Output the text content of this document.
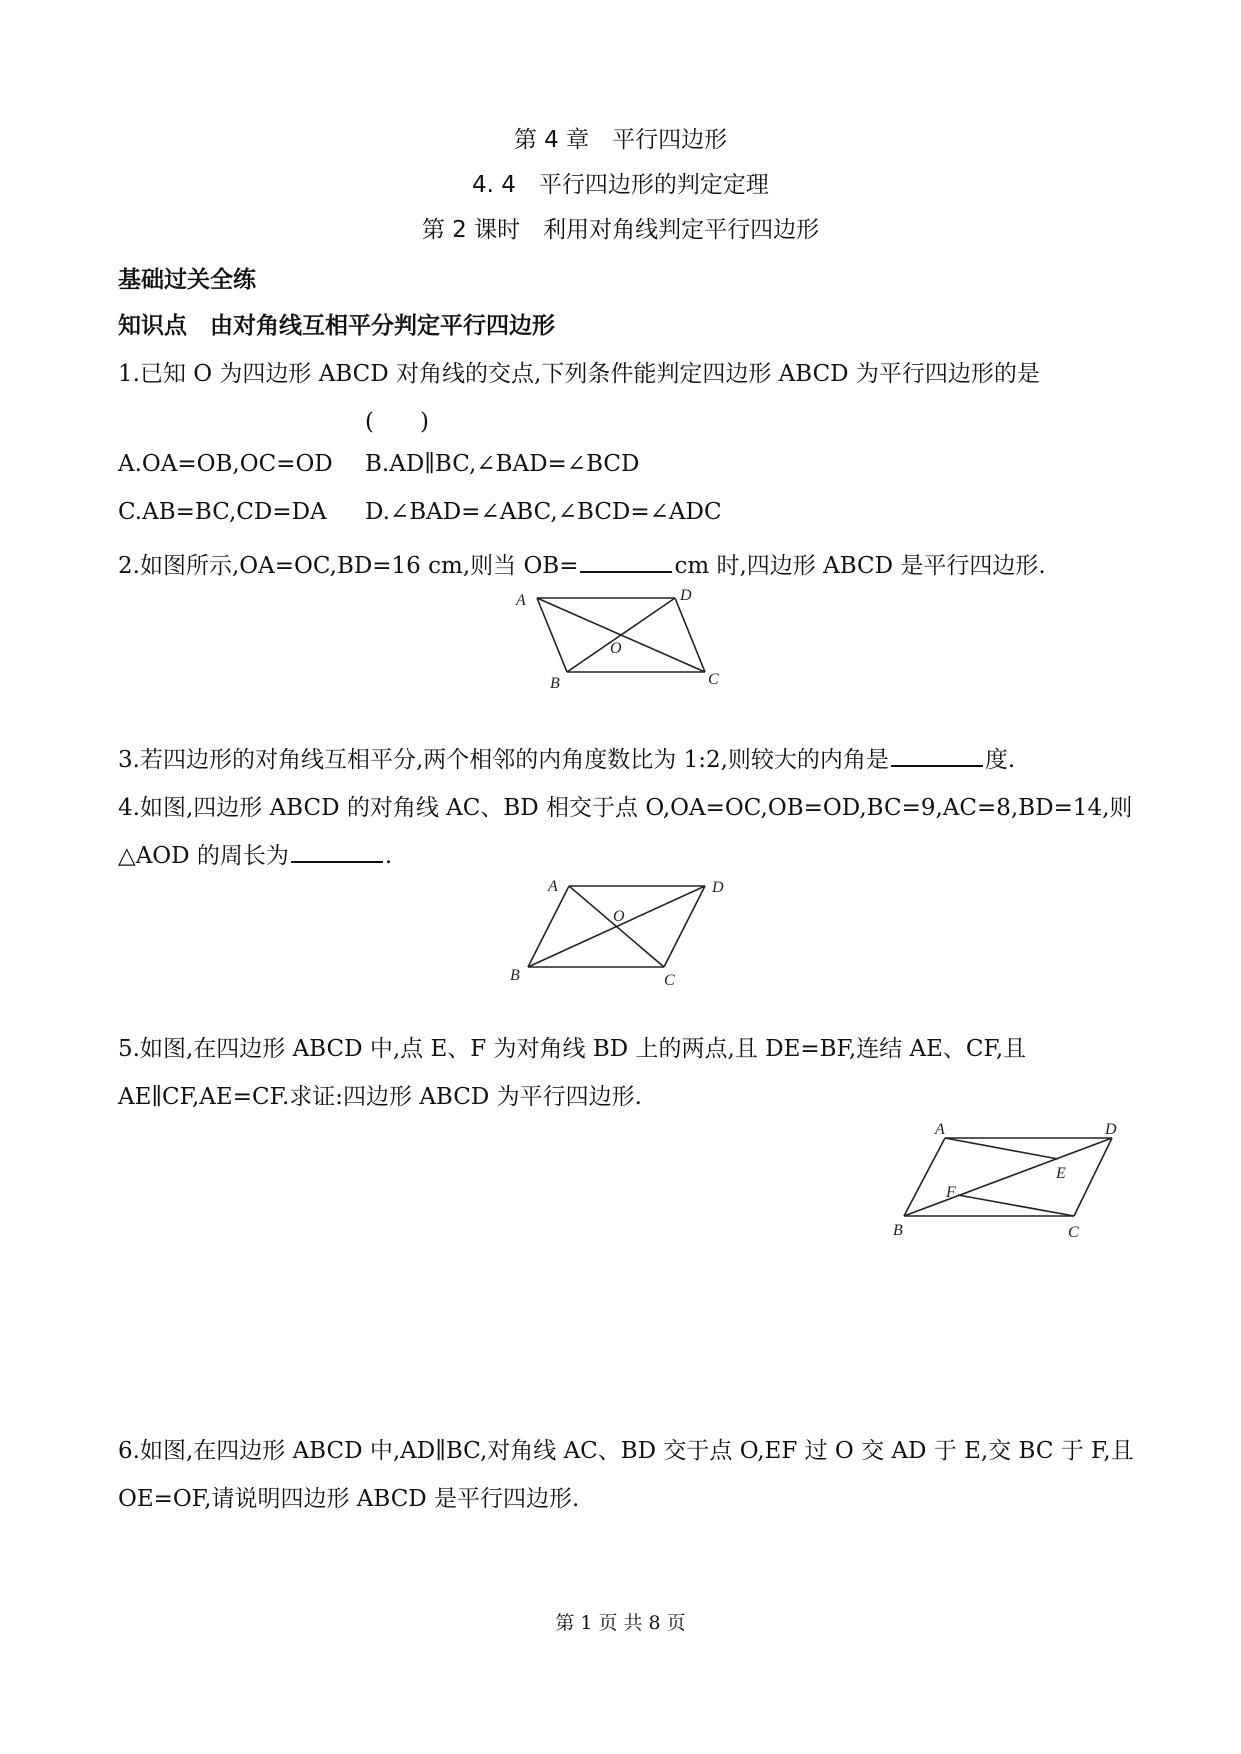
第 4 章　平行四边形
4. 4　平行四边形的判定定理
第 2 课时　利用对角线判定平行四边形
基础过关全练
知识点　由对角线互相平分判定平行四边形
1.已知 O 为四边形 ABCD 对角线的交点,下列条件能判定四边形 ABCD 为平行四边形的是
(　　)
A.OA=OB,OC=OD B.AD∥BC,∠BAD=∠BCD
C.AB=BC,CD=DA D.∠BAD=∠ABC,∠BCD=∠ADC
2.如图所示,OA=OC,BD=16 cm,则当 OB=	cm 时,四边形 ABCD 是平行四边形.
A	D
O
B	C
A	D
O
B	C
A	D
E
F
B	C
3.若四边形的对角线互相平分,两个相邻的内角度数比为 1:2,则较大的内角是	度.
4.如图,四边形 ABCD 的对角线 AC、BD 相交于点 O,OA=OC,OB=OD,BC=9,AC=8,BD=14,则
△AOD 的周长为	.
5.如图,在四边形 ABCD 中,点 E、F 为对角线 BD 上的两点,且 DE=BF,连结 AE、CF,且
AE∥CF,AE=CF.求证:四边形 ABCD 为平行四边形.
6.如图,在四边形 ABCD 中,AD∥BC,对角线 AC、BD 交于点 O,EF 过 O 交 AD 于 E,交 BC 于 F,且
OE=OF,请说明四边形 ABCD 是平行四边形.
第 1 页 共 8 页
